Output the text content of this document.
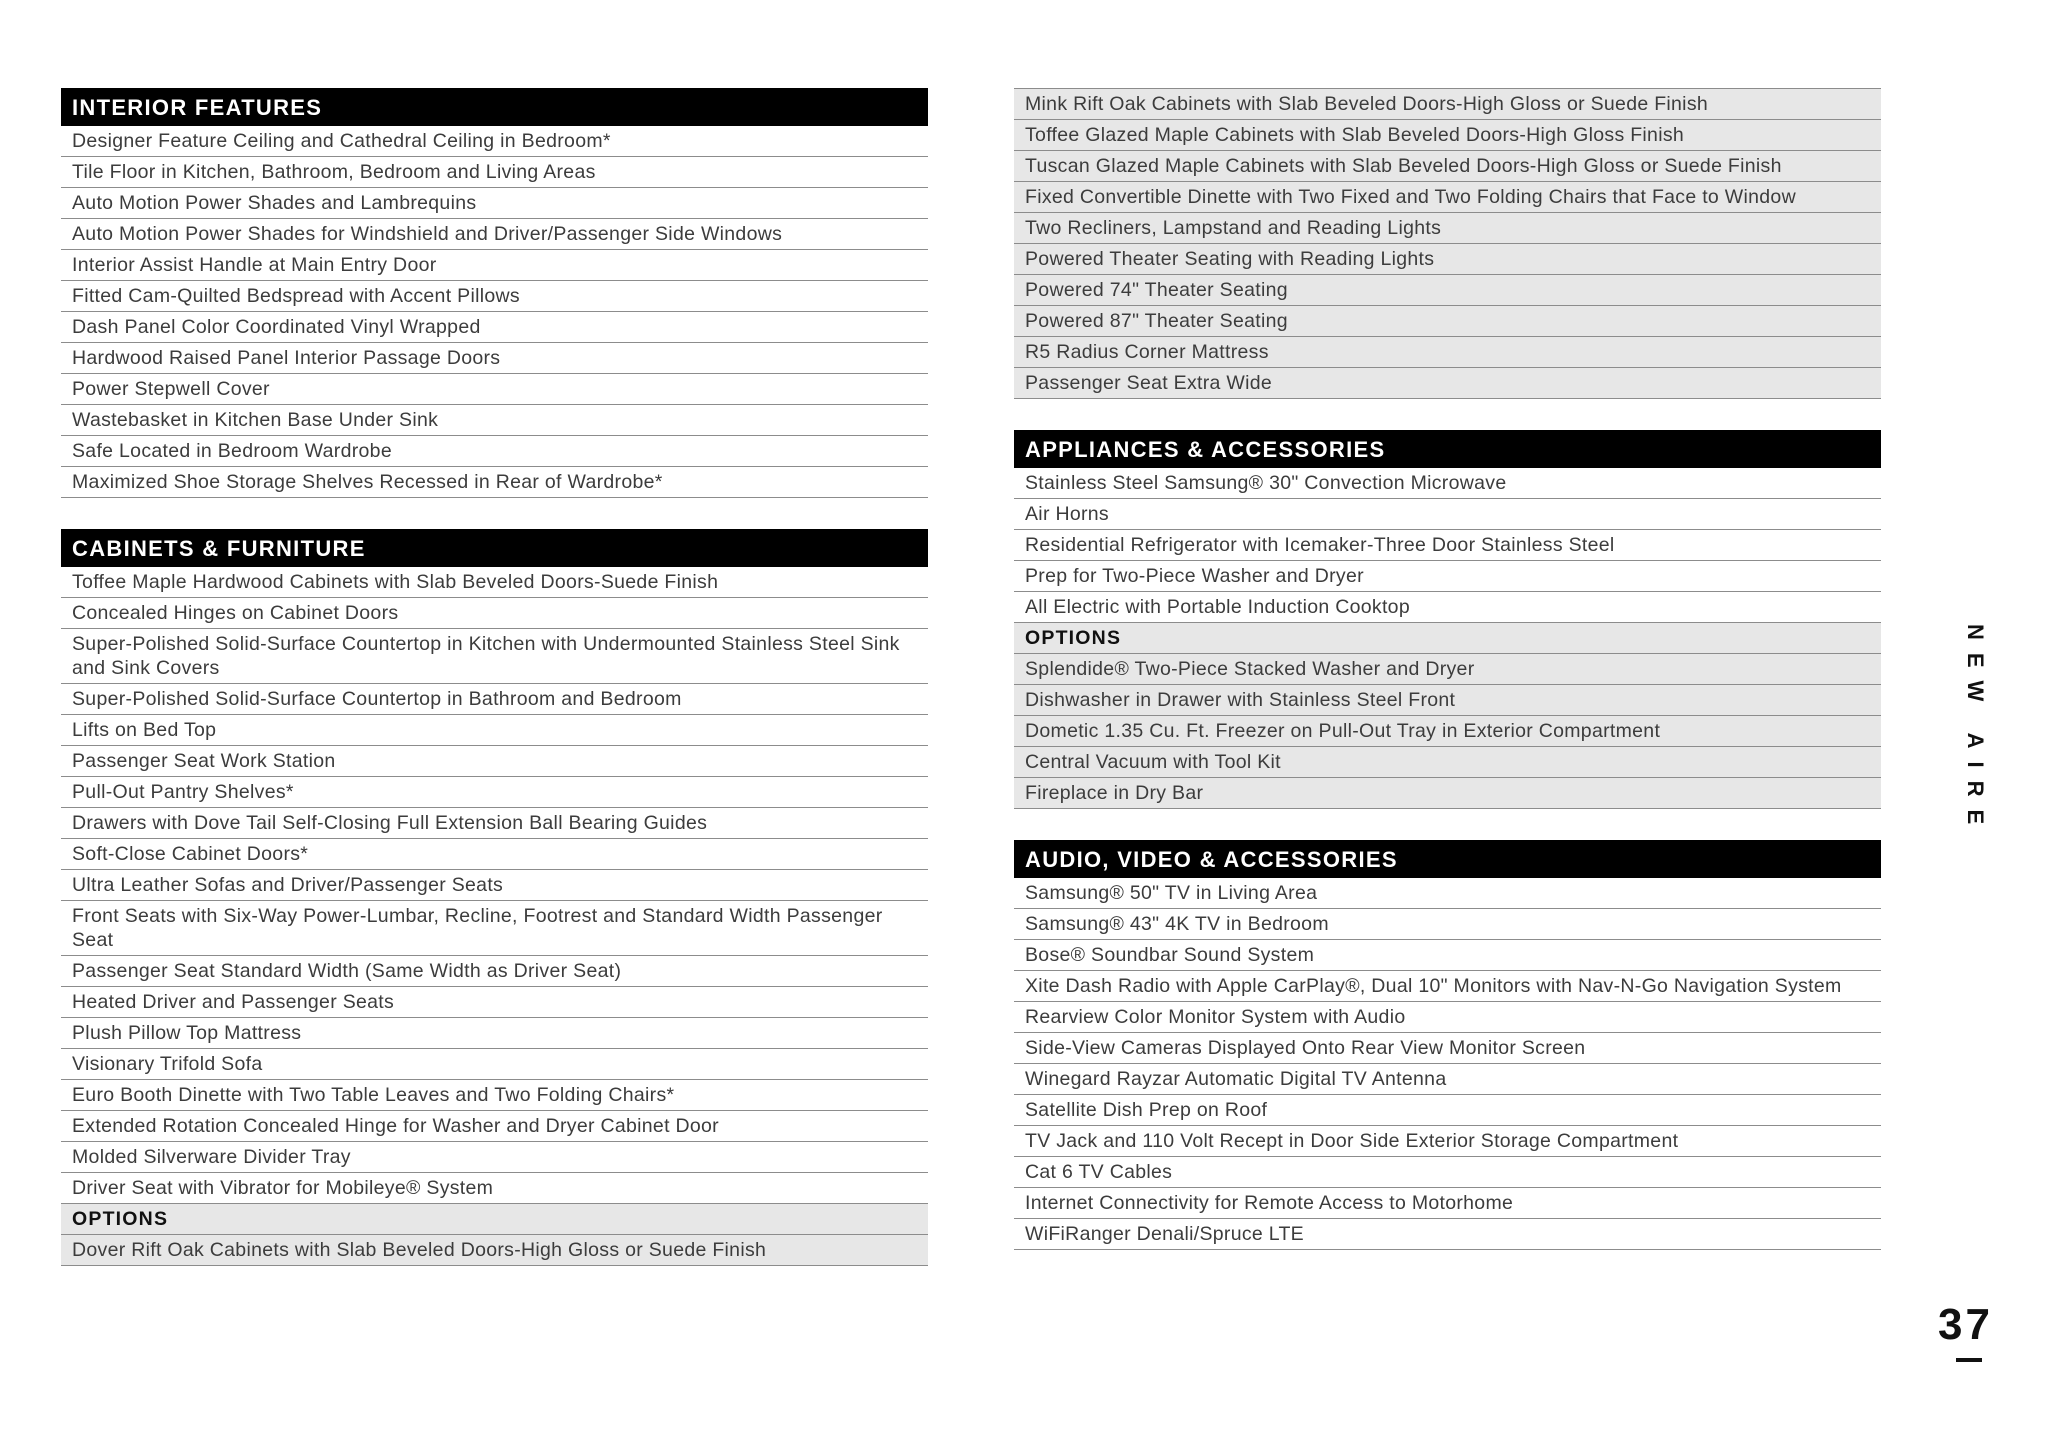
INTERIOR FEATURES
Designer Feature Ceiling and Cathedral Ceiling in Bedroom*
Tile Floor in Kitchen, Bathroom, Bedroom and Living Areas
Auto Motion Power Shades and Lambrequins
Auto Motion Power Shades for Windshield and Driver/Passenger Side Windows
Interior Assist Handle at Main Entry Door
Fitted Cam-Quilted Bedspread with Accent Pillows
Dash Panel Color Coordinated Vinyl Wrapped
Hardwood Raised Panel Interior Passage Doors
Power Stepwell Cover
Wastebasket in Kitchen Base Under Sink
Safe Located in Bedroom Wardrobe
Maximized Shoe Storage Shelves Recessed in Rear of Wardrobe*
CABINETS & FURNITURE
Toffee Maple Hardwood Cabinets with Slab Beveled Doors-Suede Finish
Concealed Hinges on Cabinet Doors
Super-Polished Solid-Surface Countertop in Kitchen with Undermounted Stainless Steel Sink and Sink Covers
Super-Polished Solid-Surface Countertop in Bathroom and Bedroom
Lifts on Bed Top
Passenger Seat Work Station
Pull-Out Pantry Shelves*
Drawers with Dove Tail Self-Closing Full Extension Ball Bearing Guides
Soft-Close Cabinet Doors*
Ultra Leather Sofas and Driver/Passenger Seats
Front Seats with Six-Way Power-Lumbar, Recline, Footrest and Standard Width Passenger Seat
Passenger Seat Standard Width (Same Width as Driver Seat)
Heated Driver and Passenger Seats
Plush Pillow Top Mattress
Visionary Trifold Sofa
Euro Booth Dinette with Two Table Leaves and Two Folding Chairs*
Extended Rotation Concealed Hinge for Washer and Dryer Cabinet Door
Molded Silverware Divider Tray
Driver Seat with Vibrator for Mobileye® System
OPTIONS
Dover Rift Oak Cabinets with Slab Beveled Doors-High Gloss or Suede Finish
Mink Rift Oak Cabinets with Slab Beveled Doors-High Gloss or Suede Finish
Toffee Glazed Maple Cabinets with Slab Beveled Doors-High Gloss Finish
Tuscan Glazed Maple Cabinets with Slab Beveled Doors-High Gloss or Suede Finish
Fixed Convertible Dinette with Two Fixed and Two Folding Chairs that Face to Window
Two Recliners, Lampstand and Reading Lights
Powered Theater Seating with Reading Lights
Powered 74" Theater Seating
Powered 87" Theater Seating
R5 Radius Corner Mattress
Passenger Seat Extra Wide
APPLIANCES & ACCESSORIES
Stainless Steel Samsung® 30" Convection Microwave
Air Horns
Residential Refrigerator with Icemaker-Three Door Stainless Steel
Prep for Two-Piece Washer and Dryer
All Electric with Portable Induction Cooktop
OPTIONS
Splendide® Two-Piece Stacked Washer and Dryer
Dishwasher in Drawer with Stainless Steel Front
Dometic 1.35 Cu. Ft. Freezer on Pull-Out Tray in Exterior Compartment
Central Vacuum with Tool Kit
Fireplace in Dry Bar
AUDIO, VIDEO & ACCESSORIES
Samsung® 50" TV in Living Area
Samsung® 43" 4K TV in Bedroom
Bose® Soundbar Sound System
Xite Dash Radio with Apple CarPlay®, Dual 10" Monitors with Nav-N-Go Navigation System
Rearview Color Monitor System with Audio
Side-View Cameras Displayed Onto Rear View Monitor Screen
Winegard Rayzar Automatic Digital TV Antenna
Satellite Dish Prep on Roof
TV Jack and 110 Volt Recept in Door Side Exterior Storage Compartment
Cat 6 TV Cables
Internet Connectivity for Remote Access to Motorhome
WiFiRanger Denali/Spruce LTE
NEW AIRE
37
